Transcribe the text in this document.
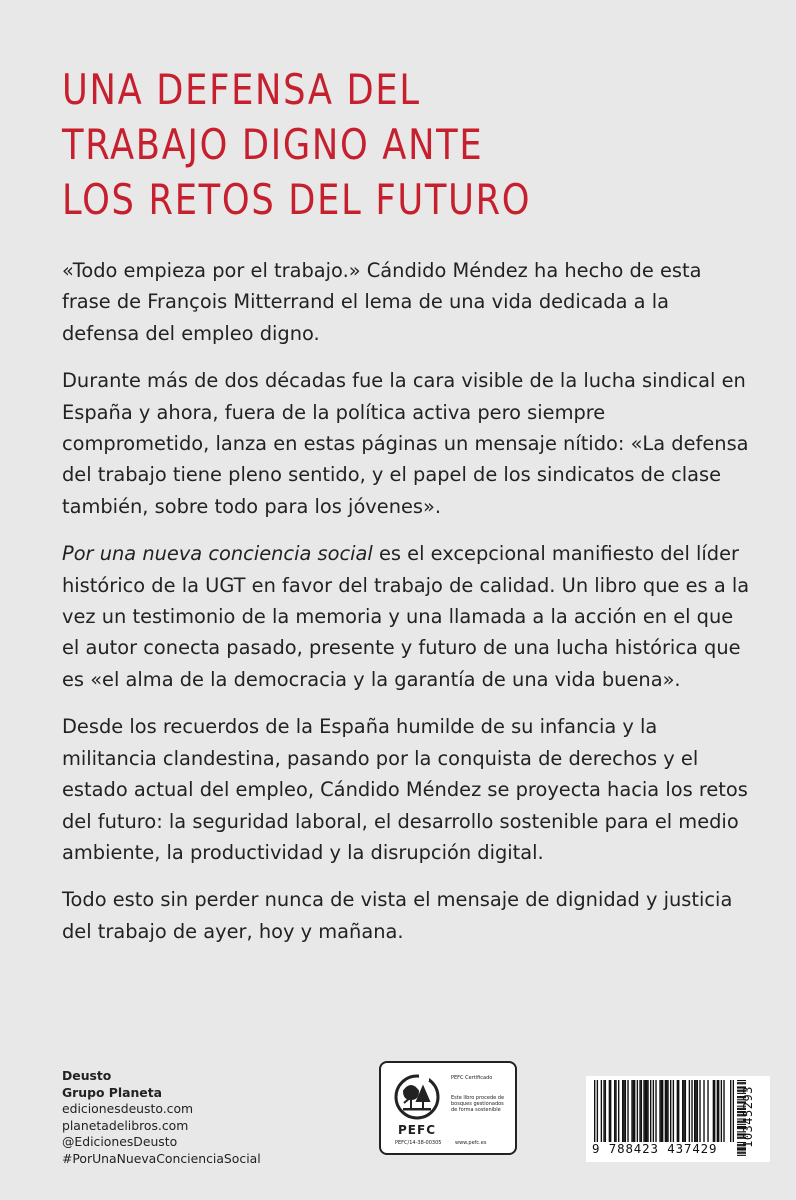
UNA DEFENSA DEL
TRABAJO DIGNO ANTE
LOS RETOS DEL FUTURO

«Todo empieza por el trabajo.» Cándido Méndez ha hecho de esta frase de François Mitterrand el lema de una vida dedicada a la defensa del empleo digno.

Durante más de dos décadas fue la cara visible de la lucha sindical en España y ahora, fuera de la política activa pero siempre comprometido, lanza en estas páginas un mensaje nítido: «La defensa del trabajo tiene pleno sentido, y el papel de los sindicatos de clase también, sobre todo para los jóvenes».

Por una nueva conciencia social es el excepcional manifiesto del líder histórico de la UGT en favor del trabajo de calidad. Un libro que es a la vez un testimonio de la memoria y una llamada a la acción en el que el autor conecta pasado, presente y futuro de una lucha histórica que es «el alma de la democracia y la garantía de una vida buena».

Desde los recuerdos de la España humilde de su infancia y la militancia clandestina, pasando por la conquista de derechos y el estado actual del empleo, Cándido Méndez se proyecta hacia los retos del futuro: la seguridad laboral, el desarrollo sostenible para el medio ambiente, la productividad y la disrupción digital.

Todo esto sin perder nunca de vista el mensaje de dignidad y justicia del trabajo de ayer, hoy y mañana.

Deusto
Grupo Planeta
edicionesdeusto.com
planetadelibros.com
@EdicionesDeusto
#PorUnaNuevaConcienciaSocial
PEFC
PEFC Certificado
Este libro procede de
bosques gestionados
de forma sostenible
PEFC/14-38-00305	www.pefc.es	9 788423 437429
10345293
